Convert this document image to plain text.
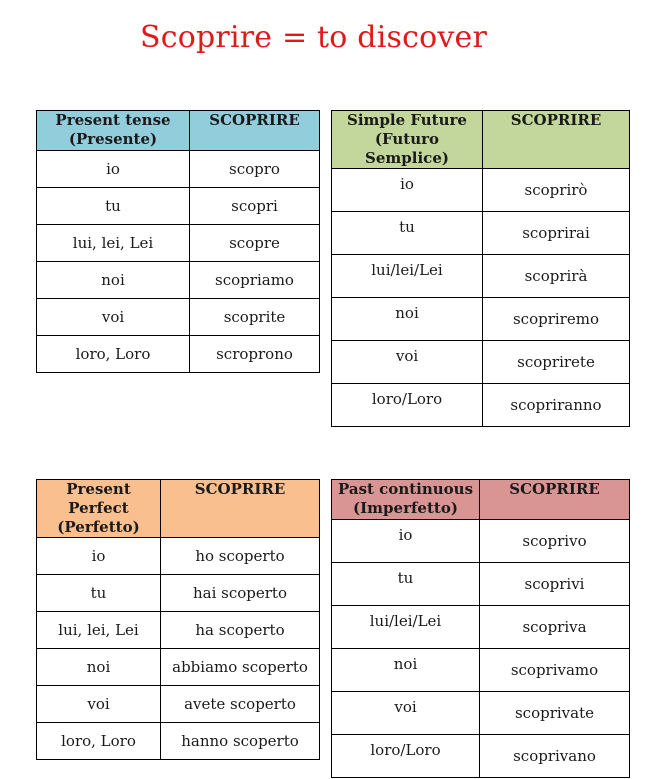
Scoprire = to discover
Present tense
(Presente)	SCOPRIRE
io	scopro
tu	scopri
lui, lei, Lei	scopre
noi	scopriamo
voi	scoprite
loro, Loro	scroprono
Simple Future
(Futuro Semplice)	SCOPRIRE
io	scoprirò
tu	scoprirai
lui/lei/Lei	scoprirà
noi	scopriremo
voi	scoprirete
loro/Loro	scopriranno
Present Perfect
(Perfetto)	SCOPRIRE
io	ho scoperto
tu	hai scoperto
lui, lei, Lei	ha scoperto
noi	abbiamo scoperto
voi	avete scoperto
loro, Loro	hanno scoperto
Past continuous
(Imperfetto)	SCOPRIRE
io	scoprivo
tu	scoprivi
lui/lei/Lei	scopriva
noi	scoprivamo
voi	scoprivate
loro/Loro	scoprivano
